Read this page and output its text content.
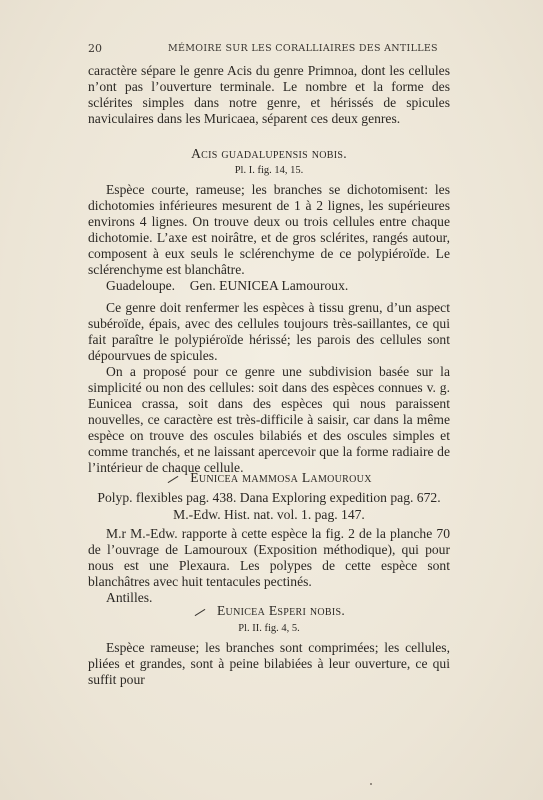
20	MÉMOIRE SUR LES CORALLIAIRES DES ANTILLES

caractère sépare le genre Acis du genre Primnoa, dont les cellules n’ont pas l’ouverture terminale. Le nombre et la forme des sclérites simples dans notre genre, et hérissés de spicules naviculaires dans les Muricaea, séparent ces deux genres.

Acis guadalupensis nobis.
Pl. I. fig. 14, 15.

Espèce courte, rameuse; les branches se dichotomisent: les dichotomies inférieures mesurent de 1 à 2 lignes, les supérieures environs 4 lignes. On trouve deux ou trois cellules entre chaque dichotomie. L’axe est noirâtre, et de gros sclérites, rangés autour, composent à eux seuls le sclérenchyme de ce polypiéroïde. Le sclérenchyme est blanchâtre.

Guadeloupe.	Gen. EUNICEA Lamouroux.

Ce genre doit renfermer les espèces à tissu grenu, d’un aspect subéroïde, épais, avec des cellules toujours très-saillantes, ce qui fait paraître le polypiéroïde hérissé; les parois des cellules sont dépourvues de spicules.

On a proposé pour ce genre une subdivision basée sur la simplicité ou non des cellules: soit dans des espèces connues v. g. Eunicea crassa, soit dans des espèces qui nous paraissent nouvelles, ce caractère est très-difficile à saisir, car dans la même espèce on trouve des oscules bilabiés et des oscules simples et comme tranchés, et ne laissant apercevoir que la forme radiaire de l’intérieur de chaque cellule.

Eunicea mammosa Lamouroux
Polyp. flexibles pag. 438. Dana Exploring expedition pag. 672.
M.-Edw. Hist. nat. vol. 1. pag. 147.

M.r M.-Edw. rapporte à cette espèce la fig. 2 de la planche 70 de l’ouvrage de Lamouroux (Exposition méthodique), qui pour nous est une Plexaura. Les polypes de cette espèce sont blanchâtres avec huit tentacules pectinés.

Antilles.

Eunicea Esperi nobis.
Pl. II. fig. 4, 5.

Espèce rameuse; les branches sont comprimées; les cellules, pliées et grandes, sont à peine bilabiées à leur ouverture, ce qui suffit pour
